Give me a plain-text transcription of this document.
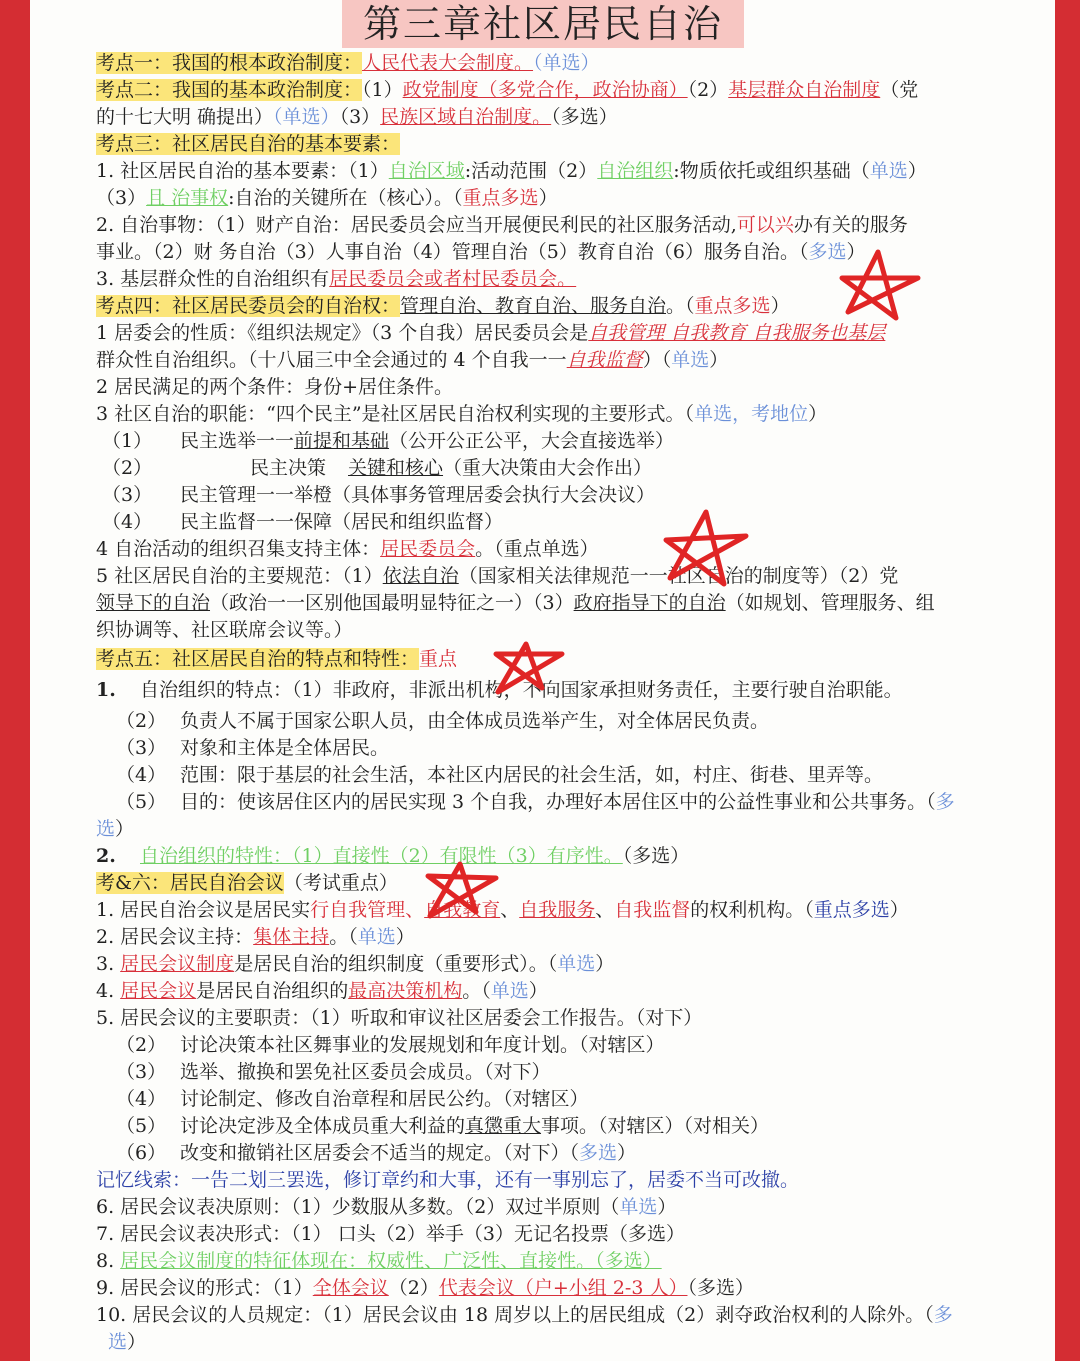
第三章社区居民自治
考点一：我国的根本政治制度：人民代表大会制度。（单选）
考点二：我国的基本政治制度：（1）政党制度（多党合作，政治协商）（2）基层群众自治制度（党
的十七大明 确提出）（单选）（3）民族区域自治制度。（多选）
考点三：社区居民自治的基本要素：
1. 社区居民自治的基本要素：（1）自治区域:活动范围（2）自治组织:物质依托或组织基础（单选）
（3）且 治事权:自治的关键所在（核心）。（重点多选）
2. 自治事物：（1）财产自治：居民委员会应当开展便民利民的社区服务活动,可以兴办有关的服务
事业。（2）财 务自治（3）人事自治（4）管理自治（5）教育自治（6）服务自治。（多选）
3. 基层群众性的自治组织有居民委员会或者村民委员会。
考点四：社区居民委员会的自治权：管理自治、教育自治、服务自治。（重点多选）
1 居委会的性质：《组织法规定》（3 个自我）居民委员会是自我管理 自我教育 自我服务也基层
群众性自治组织。（十八届三中全会通过的 4 个自我一一自我监督）（单选）
2 居民满足的两个条件：身份+居住条件。
3 社区自治的职能：“四个民主”是社区居民自治权利实现的主要形式。（单选，考地位）
（1） 民主选举一一前提和基础（公开公正公平，大会直接选举）
（2）	民主决策 关键和核心（重大决策由大会作出）
（3） 民主管理一一举橙（具体事务管理居委会执行大会决议）
（4） 民主监督一一保障（居民和组织监督）
4 自治活动的组织召集支持主体：居民委员会。（重点单选）
5 社区居民自治的主要规范：（1）依法自治（国家相关法律规范一一社区自治的制度等）（2）党
领导下的自治（政治一一区别他国最明显特征之一）（3）政府指导下的自治（如规划、管理服务、组
织协调等、社区联席会议等。）
考点五：社区居民自治的特点和特性：重点
1. 自治组织的特点：（1）非政府，非派出机构，不向国家承担财务责任，主要行驶自治职能。
（2） 负责人不属于国家公职人员，由全体成员选举产生，对全体居民负责。
（3） 对象和主体是全体居民。
（4） 范围：限于基层的社会生活，本社区内居民的社会生活，如，村庄、街巷、里弄等。
（5） 目的：使该居住区内的居民实现 3 个自我，办理好本居住区中的公益性事业和公共事务。（多
选）
2. 自治组织的特性：（1）直接性（2）有限性（3）有序性。（多选）
考&六：居民自治会议（考试重点）
1. 居民自治会议是居民实行自我管理、自我教育、自我服务、自我监督的权利机构。（重点多选）
2. 居民会议主持：集体主持。（单选）
3. 居民会议制度是居民自治的组织制度（重要形式）。（单选）
4. 居民会议是居民自治组织的最高决策机构。（单选）
5. 居民会议的主要职责：（1）听取和审议社区居委会工作报告。（对下）
（2） 讨论决策本社区舞事业的发展规划和年度计划。（对辖区）
（3） 选举、撤换和罢免社区委员会成员。（对下）
（4） 讨论制定、修改自治章程和居民公约。（对辖区）
（5） 讨论决定涉及全体成员重大利益的真懲重大事项。（对辖区）（对相关）
（6） 改变和撤销社区居委会不适当的规定。（对下）（多选）
记忆线索：一告二划三罢选，修订章约和大事，还有一事别忘了，居委不当可改撤。
6. 居民会议表决原则：（1）少数服从多数。（2）双过半原则（单选）
7. 居民会议表决形式：（1） 口头（2）举手（3）无记名投票（多选）
8. 居民会议制度的特征体现在：权威性、广泛性、直接性。（多选）
9. 居民会议的形式：（1）全体会议（2）代表会议（户+小组 2-3 人）（多选）
10. 居民会议的人员规定：（1）居民会议由 18 周岁以上的居民组成（2）剥夺政治权利的人除外。（多
选）
